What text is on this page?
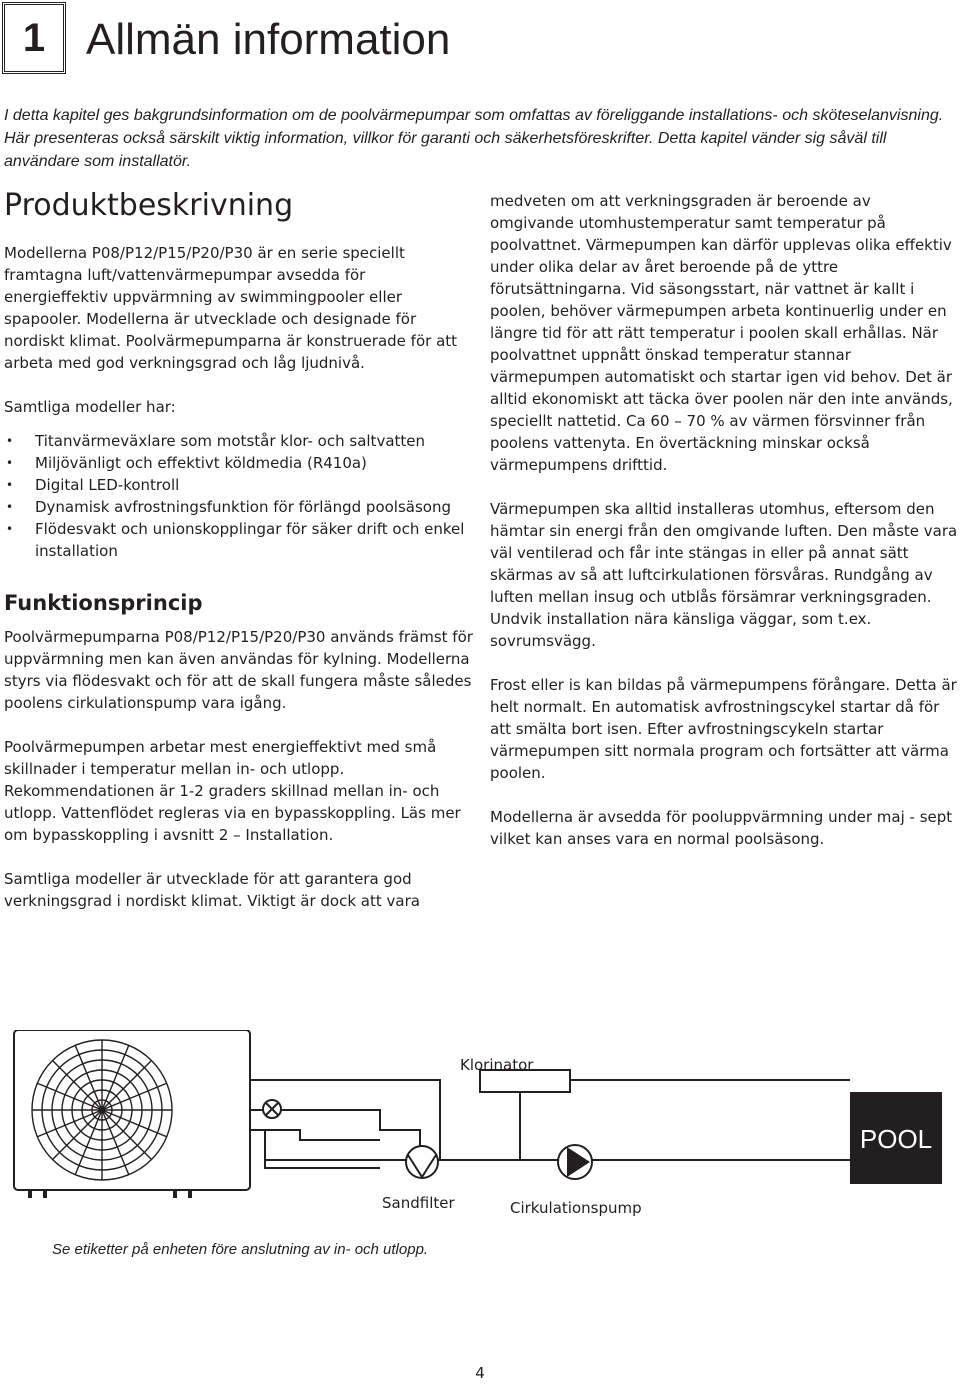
1 Allmän information
I detta kapitel ges bakgrundsinformation om de poolvärmepumpar som omfattas av föreliggande installations- och sköteselanvisning. Här presenteras också särskilt viktig information, villkor för garanti och säkerhetsföreskrifter. Detta kapitel vänder sig såväl till användare som installatör.
Produktbeskrivning

Modellerna P08/P12/P15/P20/P30 är en serie speciellt framtagna luft/vattenvärmepumpar avsedda för energieffektiv uppvärmning av swimmingpooler eller spapooler. Modellerna är utvecklade och designade för nordiskt klimat. Poolvärmepumparna är konstruerade för att arbeta med god verkningsgrad och låg ljudnivå.

Samtliga modeller har:

• Titanvärmeväxlare som motstår klor- och saltvatten
• Miljövänligt och effektivt köldmedia (R410a)
• Digital LED-kontroll
• Dynamisk avfrostningsfunktion för förlängd poolsäsong
• Flödesvakt och unionskopplingar för säker drift och enkel installation
Funktionsprincip

Poolvärmepumparna P08/P12/P15/P20/P30 används främst för uppvärmning men kan även användas för kylning. Modellerna styrs via flödesvakt och för att de skall fungera måste således poolens cirkulationspump vara igång.

Poolvärmepumpen arbetar mest energieffektivt med små skillnader i temperatur mellan in- och utlopp. Rekommendationen är 1-2 graders skillnad mellan in- och utlopp. Vattenflödet regleras via en bypasskoppling. Läs mer om bypasskoppling i avsnitt 2 – Installation.

Samtliga modeller är utvecklade för att garantera god verkningsgrad i nordiskt klimat. Viktigt är dock att vara

medveten om att verkningsgraden är beroende av omgivande utomhustemperatur samt temperatur på poolvattnet. Värmepumpen kan därför upplevas olika effektiv under olika delar av året beroende på de yttre förutsättningarna. Vid säsongsstart, när vattnet är kallt i poolen, behöver värmepumpen arbeta kontinuerlig under en längre tid för att rätt temperatur i poolen skall erhållas. När poolvattnet uppnått önskad temperatur stannar värmepumpen automatiskt och startar igen vid behov. Det är alltid ekonomiskt att täcka över poolen när den inte används, speciellt nattetid. Ca 60 – 70 % av värmen försvinner från poolens vattenyta. En övertäckning minskar också värmepumpens drifttid.

Värmepumpen ska alltid installeras utomhus, eftersom den hämtar sin energi från den omgivande luften. Den måste vara väl ventilerad och får inte stängas in eller på annat sätt skärmas av så att luftcirkulationen försvåras. Rundgång av luften mellan insug och utblås försämrar verkningsgraden. Undvik installation nära känsliga väggar, som t.ex. sovrumsvägg.

Frost eller is kan bildas på värmepumpens förångare. Detta är helt normalt. En automatisk avfrostningscykel startar då för att smälta bort isen. Efter avfrostningscykeln startar värmepumpen sitt normala program och fortsätter att värma poolen.

Modellerna är avsedda för pooluppvärmning under maj - sept vilket kan anses vara en normal poolsäsong.

POOL
Klorinator
Sandfilter	Cirkulationspump
Se etiketter på enheten före anslutning av in- och utlopp.
4
